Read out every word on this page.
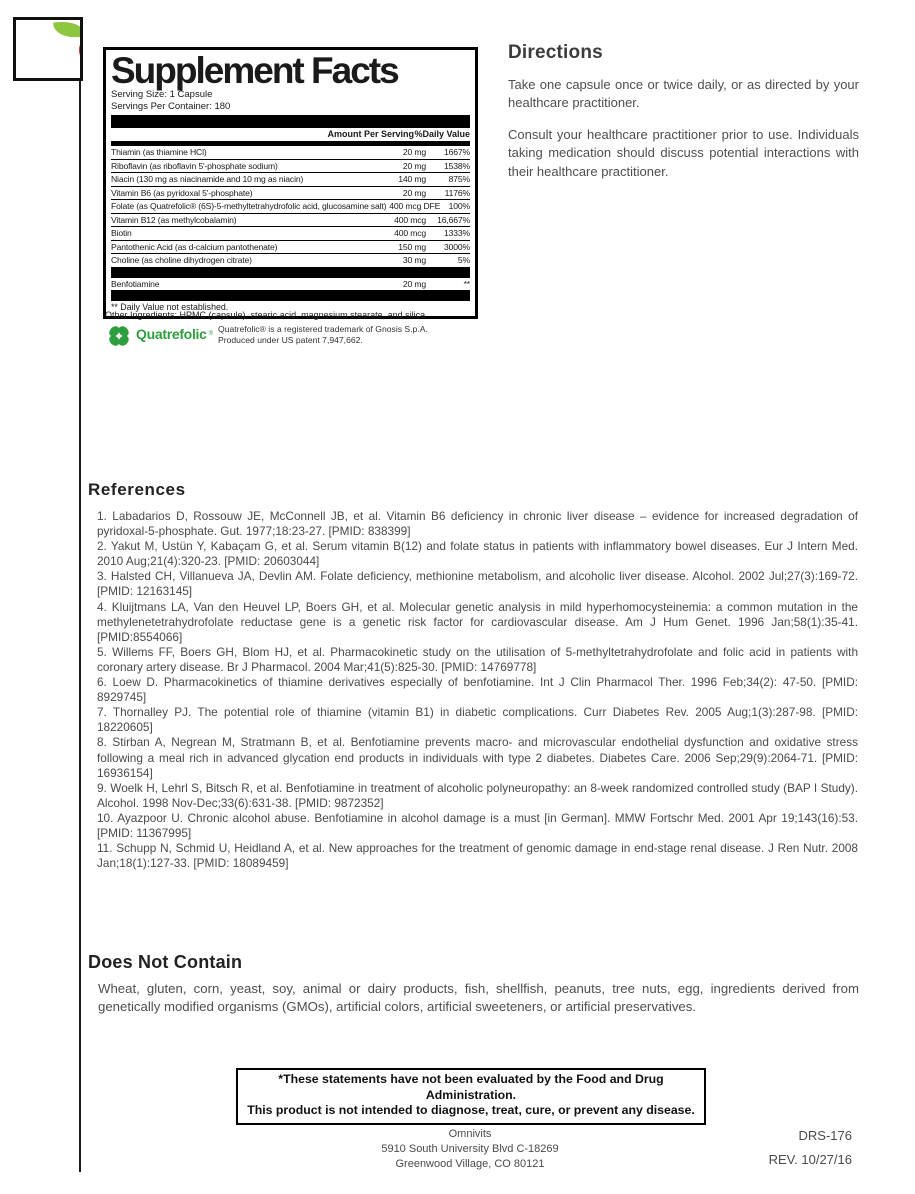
Supplement Facts
Serving Size: 1 Capsule
Servings Per Container: 180
Amount Per Serving %Daily Value
Thiamin (as thiamine HCl)	20 mg	1667%
Riboflavin (as riboflavin 5'-phosphate sodium)	20 mg	1538%
Niacin (130 mg as niacinamide and 10 mg as niacin)	140 mg	875%
Vitamin B6 (as pyridoxal 5'-phosphate)	20 mg	1176%
Folate (as Quatrefolic® (6S)-5-methyltetrahydrofolic acid, glucosamine salt) 400 mcg DFE 100%
Vitamin B12 (as methylcobalamin)	400 mcg	16,667%
Biotin	400 mcg	1333%
Pantothenic Acid (as d-calcium pantothenate)	150 mg	3000%
Choline (as choline dihydrogen citrate)	30 mg	5%
Benfotiamine	20 mg	**
** Daily Value not established.
Other Ingredients: HPMC (capsule), stearic acid, magnesium stearate, and silica.
Quatrefolic ® Quatrefolic® is a registered trademark of Gnosis S.p.A. Produced under US patent 7,947,662.
Directions

Take one capsule once or twice daily, or as directed by your healthcare practitioner.

Consult your healthcare practitioner prior to use. Individuals taking medication should discuss potential interactions with their healthcare practitioner.

References
1. Labadarios D, Rossouw JE, McConnell JB, et al. Vitamin B6 deficiency in chronic liver disease – evidence for increased degradation of pyridoxal-5-phosphate. Gut. 1977;18:23-27. [PMID: 838399]
2. Yakut M, Ustün Y, Kabaçam G, et al. Serum vitamin B(12) and folate status in patients with inflammatory bowel diseases. Eur J Intern Med. 2010 Aug;21(4):320-23. [PMID: 20603044]
3. Halsted CH, Villanueva JA, Devlin AM. Folate deficiency, methionine metabolism, and alcoholic liver disease. Alcohol. 2002 Jul;27(3):169-72. [PMID: 12163145]
4. Kluijtmans LA, Van den Heuvel LP, Boers GH, et al. Molecular genetic analysis in mild hyperhomocysteinemia: a common mutation in the methylenetetrahydrofolate reductase gene is a genetic risk factor for cardiovascular disease. Am J Hum Genet. 1996 Jan;58(1):35-41. [PMID:8554066]
5. Willems FF, Boers GH, Blom HJ, et al. Pharmacokinetic study on the utilisation of 5-methyltetrahydrofolate and folic acid in patients with coronary artery disease. Br J Pharmacol. 2004 Mar;41(5):825-30. [PMID: 14769778]
6. Loew D. Pharmacokinetics of thiamine derivatives especially of benfotiamine. Int J Clin Pharmacol Ther. 1996 Feb;34(2): 47-50. [PMID: 8929745]
7. Thornalley PJ. The potential role of thiamine (vitamin B1) in diabetic complications. Curr Diabetes Rev. 2005 Aug;1(3):287-98. [PMID: 18220605]
8. Stirban A, Negrean M, Stratmann B, et al. Benfotiamine prevents macro- and microvascular endothelial dysfunction and oxidative stress following a meal rich in advanced glycation end products in individuals with type 2 diabetes. Diabetes Care. 2006 Sep;29(9):2064-71. [PMID: 16936154]
9. Woelk H, Lehrl S, Bitsch R, et al. Benfotiamine in treatment of alcoholic polyneuropathy: an 8-week randomized controlled study (BAP I Study). Alcohol. 1998 Nov-Dec;33(6):631-38. [PMID: 9872352]
10. Ayazpoor U. Chronic alcohol abuse. Benfotiamine in alcohol damage is a must [in German]. MMW Fortschr Med. 2001 Apr 19;143(16):53. [PMID: 11367995]
11. Schupp N, Schmid U, Heidland A, et al. New approaches for the treatment of genomic damage in end-stage renal disease. J Ren Nutr. 2008 Jan;18(1):127-33. [PMID: 18089459]
Does Not Contain

Wheat, gluten, corn, yeast, soy, animal or dairy products, fish, shellfish, peanuts, tree nuts, egg, ingredients derived from genetically modified organisms (GMOs), artificial colors, artificial sweeteners, or artificial preservatives.

*These statements have not been evaluated by the Food and Drug Administration.
This product is not intended to diagnose, treat, cure, or prevent any disease.
Omnivits
5910 South University Blvd C-18269
Greenwood Village, CO 80121
DRS-176
REV. 10/27/16
